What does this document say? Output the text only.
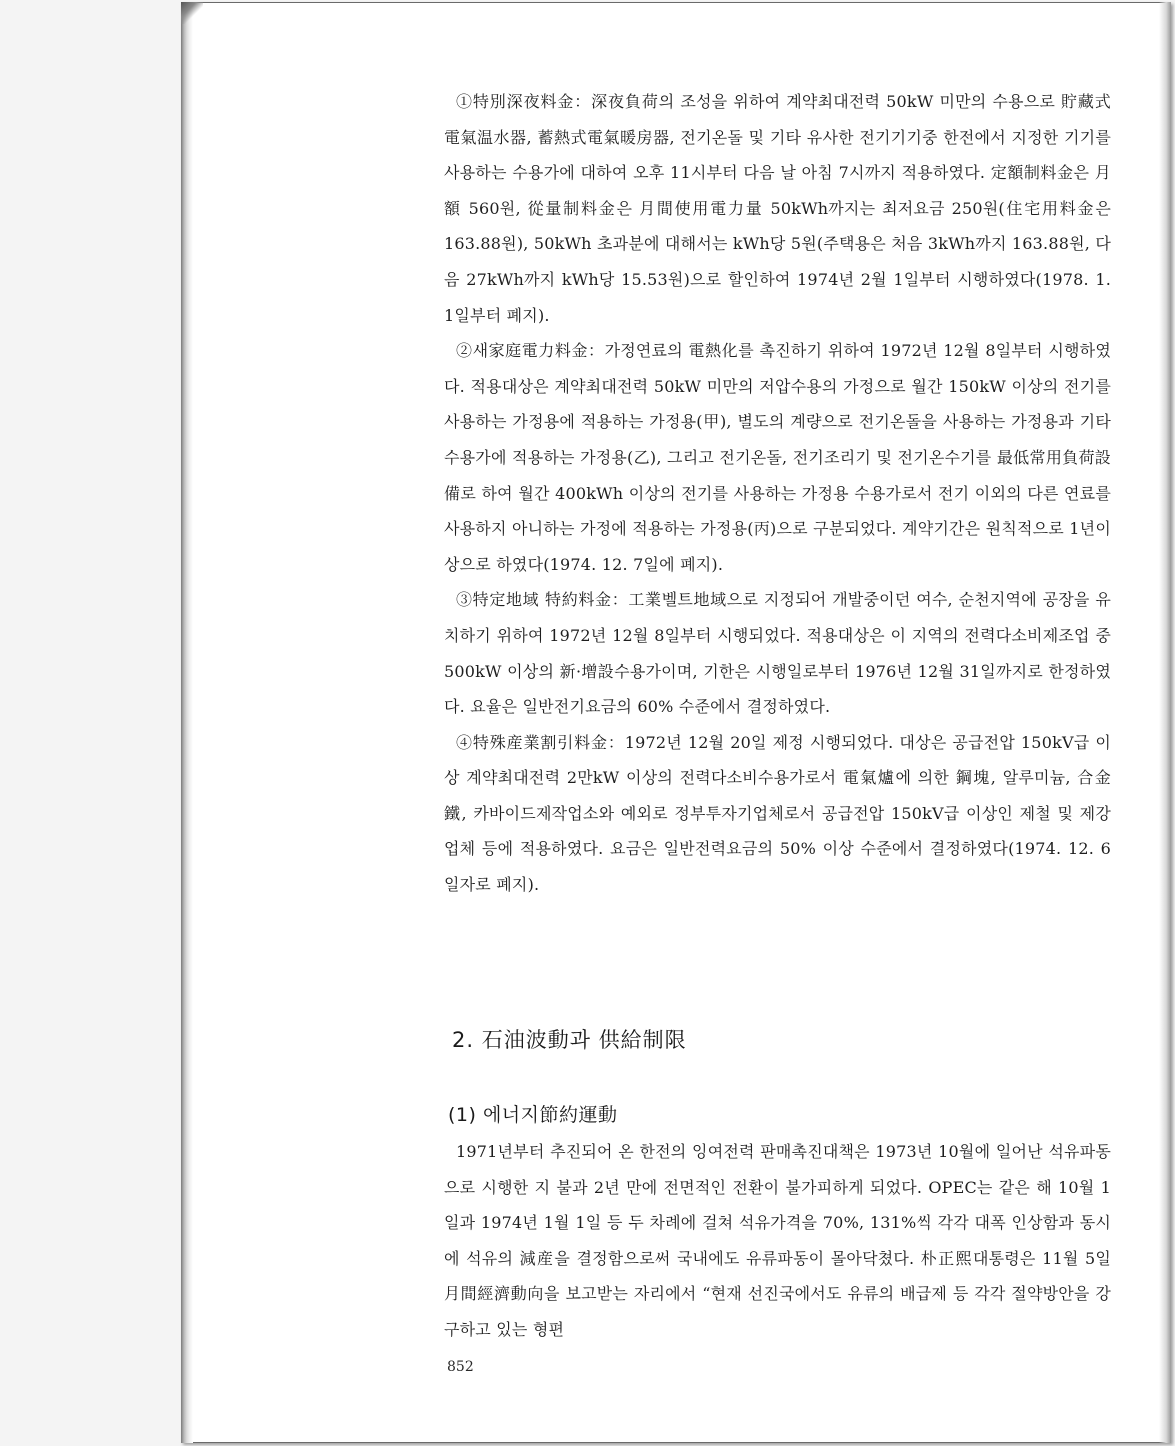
①特別深夜料金：深夜負荷의 조성을 위하여 계약최대전력 50kW 미만의 수용으로 貯藏式電氣温水器, 蓄熱式電氣暖房器, 전기온돌 및 기타 유사한 전기기기중 한전에서 지정한 기기를 사용하는 수용가에 대하여 오후 11시부터 다음 날 아침 7시까지 적용하였다. 定額制料金은 月額 560원, 從量制料金은 月間使用電力量 50kWh까지는 최저요금 250원(住宅用料金은 163.88원), 50kWh 초과분에 대해서는 kWh당 5원(주택용은 처음 3kWh까지 163.88원, 다음 27kWh까지 kWh당 15.53원)으로 할인하여 1974년 2월 1일부터 시행하였다(1978. 1. 1일부터 폐지).

②새家庭電力料金：가정연료의 電熱化를 촉진하기 위하여 1972년 12월 8일부터 시행하였다. 적용대상은 계약최대전력 50kW 미만의 저압수용의 가정으로 월간 150kW 이상의 전기를 사용하는 가정용에 적용하는 가정용(甲), 별도의 계량으로 전기온돌을 사용하는 가정용과 기타수용가에 적용하는 가정용(乙), 그리고 전기온돌, 전기조리기 및 전기온수기를 最低常用負荷設備로 하여 월간 400kWh 이상의 전기를 사용하는 가정용 수용가로서 전기 이외의 다른 연료를 사용하지 아니하는 가정에 적용하는 가정용(丙)으로 구분되었다. 계약기간은 원칙적으로 1년이상으로 하였다(1974. 12. 7일에 폐지).

③特定地域 特約料金：工業벨트地域으로 지정되어 개발중이던 여수, 순천지역에 공장을 유치하기 위하여 1972년 12월 8일부터 시행되었다. 적용대상은 이 지역의 전력다소비제조업 중 500kW 이상의 新·增設수용가이며, 기한은 시행일로부터 1976년 12월 31일까지로 한정하였다. 요율은 일반전기요금의 60% 수준에서 결정하였다.

④特殊産業割引料金：1972년 12월 20일 제정 시행되었다. 대상은 공급전압 150kV급 이상 계약최대전력 2만kW 이상의 전력다소비수용가로서 電氣爐에 의한 鋼塊, 알루미늄, 合金鐵, 카바이드제작업소와 예외로 정부투자기업체로서 공급전압 150kV급 이상인 제철 및 제강업체 등에 적용하였다. 요금은 일반전력요금의 50% 이상 수준에서 결정하였다(1974. 12. 6일자로 폐지).

2. 石油波動과 供給制限
(1) 에너지節約運動

1971년부터 추진되어 온 한전의 잉여전력 판매촉진대책은 1973년 10월에 일어난 석유파동으로 시행한 지 불과 2년 만에 전면적인 전환이 불가피하게 되었다. OPEC는 같은 해 10월 1일과 1974년 1월 1일 등 두 차례에 걸쳐 석유가격을 70%, 131%씩 각각 대폭 인상함과 동시에 석유의 減産을 결정함으로써 국내에도 유류파동이 몰아닥쳤다. 朴正熙대통령은 11월 5일 月間經濟動向을 보고받는 자리에서 “현재 선진국에서도 유류의 배급제 등 각각 절약방안을 강구하고 있는 형편

852
